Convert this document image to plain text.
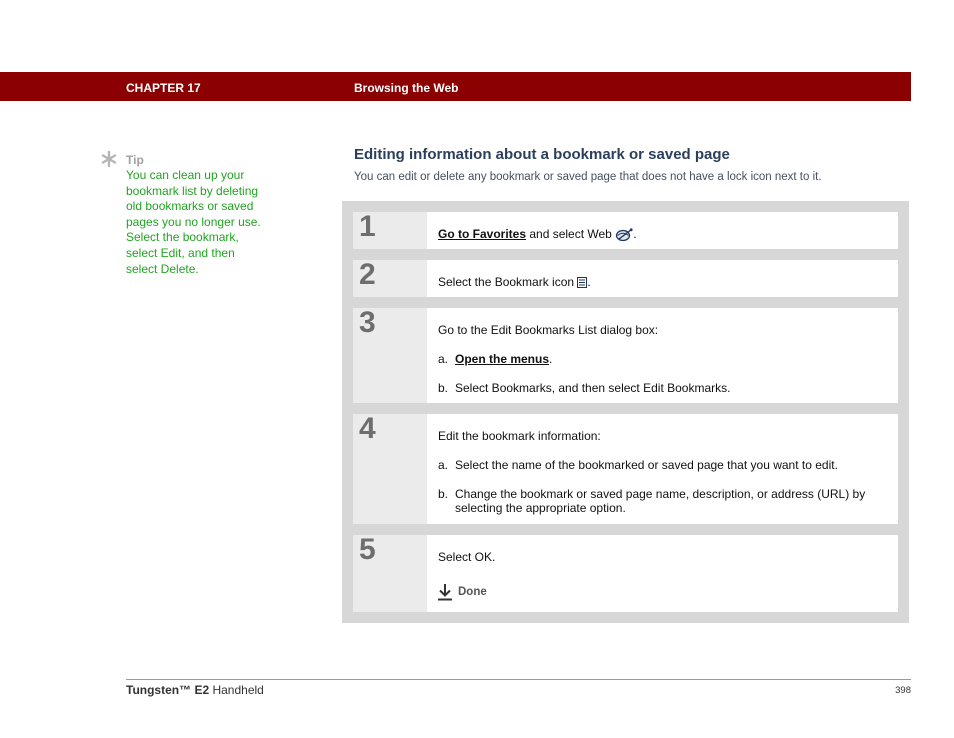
CHAPTER 17	Browsing the Web
Tip
You can clean up your
bookmark list by deleting
old bookmarks or saved
pages you no longer use.
Select the bookmark,
select Edit, and then
select Delete.
Editing information about a bookmark or saved page
You can edit or delete any bookmark or saved page that does not have a lock icon next to it.
1	Go to Favorites and select Web .
2	Select the Bookmark icon .
3	Go to the Edit Bookmarks List dialog box:
a. Open the menus.
b. Select Bookmarks, and then select Edit Bookmarks.
4	Edit the bookmark information:
a. Select the name of the bookmarked or saved page that you want to edit.
b. Change the bookmark or saved page name, description, or address (URL) by
selecting the appropriate option.
5	Select OK.
Done
Tungsten™ E2 Handheld	398
